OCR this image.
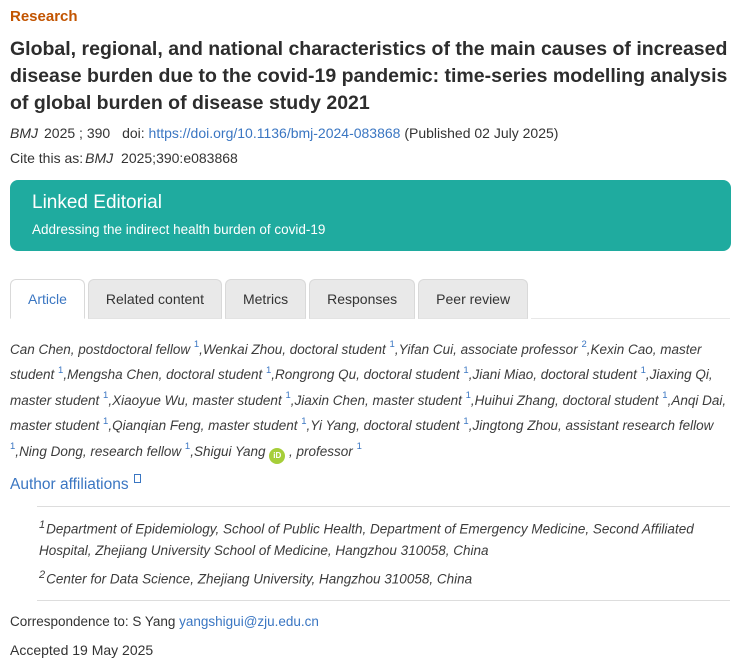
Research
Global, regional, and national characteristics of the main causes of increased disease burden due to the covid-19 pandemic: time-series modelling analysis of global burden of disease study 2021
BMJ 2025 ; 390 doi: https://doi.org/10.1136/bmj-2024-083868 (Published 02 July 2025)
Cite this as: BMJ 2025;390:e083868
Linked Editorial
Addressing the indirect health burden of covid-19
Article	Related content	Metrics	Responses	Peer review

Can Chen, postdoctoral fellow $^1$,Wenkai Zhou, doctoral student $^1$,Yifan Cui, associate professor $^2$,Kexin Cao, master student $^1$,Mengsha Chen, doctoral student $^1$,Rongrong Qu, doctoral student $^1$,Jiani Miao, doctoral student $^1$,Jiaxing Qi, master student $^1$,Xiaoyue Wu, master student $^1$,Jiaxin Chen, master student $^1$,Huihui Zhang, doctoral student $^1$,Anqi Dai, master student $^1$,Qianqian Feng, master student $^1$,Yi Yang, doctoral student $^1$,Jingtong Zhou, assistant research fellow $^1$,Ning Dong, research fellow $^1$,Shigui Yang iD , professor $^1$

Author affiliations
$^1$Department of Epidemiology, School of Public Health, Department of Emergency Medicine, Second Affiliated Hospital, Zhejiang University School of Medicine, Hangzhou 310058, China
$^2$Center for Data Science, Zhejiang University, Hangzhou 310058, China
Correspondence to: S Yang yangshigui@zju.edu.cn
Accepted 19 May 2025
